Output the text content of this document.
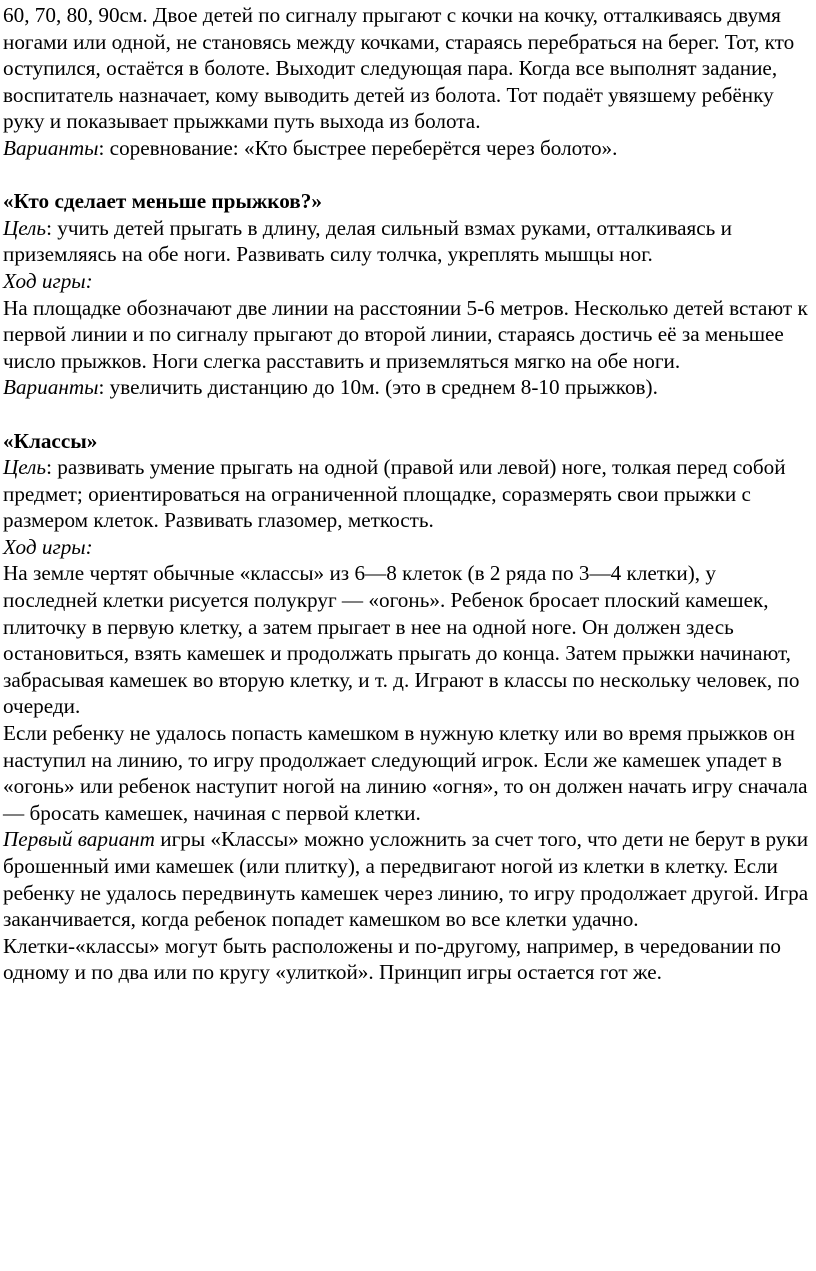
60, 70, 80, 90см. Двое детей по сигналу прыгают с кочки на кочку, отталкиваясь двумя ногами или одной, не становясь между кочками, стараясь перебраться на берег. Тот, кто оступился, остаётся в болоте. Выходит следующая пара. Когда все выполнят задание, воспитатель назначает, кому выводить детей из болота. Тот подаёт увязшему ребёнку руку и показывает прыжками путь выхода из болота.

Варианты: соревнование: «Кто быстрее переберётся через болото».

«Кто сделает меньше прыжков?»

Цель: учить детей прыгать в длину, делая сильный взмах руками, отталкиваясь и приземляясь на обе ноги. Развивать силу толчка, укреплять мышцы ног.

Ход игры:

На площадке обозначают две линии на расстоянии 5-6 метров. Несколько детей встают к первой линии и по сигналу прыгают до второй линии, стараясь достичь её за меньшее число прыжков. Ноги слегка расставить и приземляться мягко на обе ноги.

Варианты: увеличить дистанцию до 10м. (это в среднем 8-10 прыжков).

«Классы»

Цель: развивать умение прыгать на одной (правой или левой) ноге, толкая перед собой предмет; ориентироваться на ограниченной площадке, соразмерять свои прыжки с размером клеток. Развивать глазомер, меткость.

Ход игры:

На земле чертят обычные «классы» из 6—8 клеток (в 2 ряда по 3—4 клетки), у последней клетки рисуется полукруг — «огонь». Ребенок бросает плоский камешек, плиточку в первую клетку, а затем прыгает в нее на одной ноге. Он должен здесь остановиться, взять камешек и продолжать прыгать до конца. Затем прыжки начинают, забрасывая камешек во вторую клетку, и т. д. Играют в классы по нескольку человек, по очереди.

Если ребенку не удалось попасть камешком в нужную клетку или во время прыжков он наступил на линию, то игру продолжает следующий игрок. Если же камешек упадет в «огонь» или ребенок наступит ногой на линию «огня», то он должен начать игру сначала — бросать камешек, начиная с первой клетки.

Первый вариант игры «Классы» можно усложнить за счет того, что дети не берут в руки брошенный ими камешек (или плитку), а передвигают ногой из клетки в клетку. Если ребенку не удалось передвинуть камешек через линию, то игру продолжает другой. Игра заканчивается, когда ребенок попадет камешком во все клетки удачно.

Клетки-«классы» могут быть расположены и по-другому, например, в чередовании по одному и по два или по кругу «улиткой». Принцип игры остается гот же.
